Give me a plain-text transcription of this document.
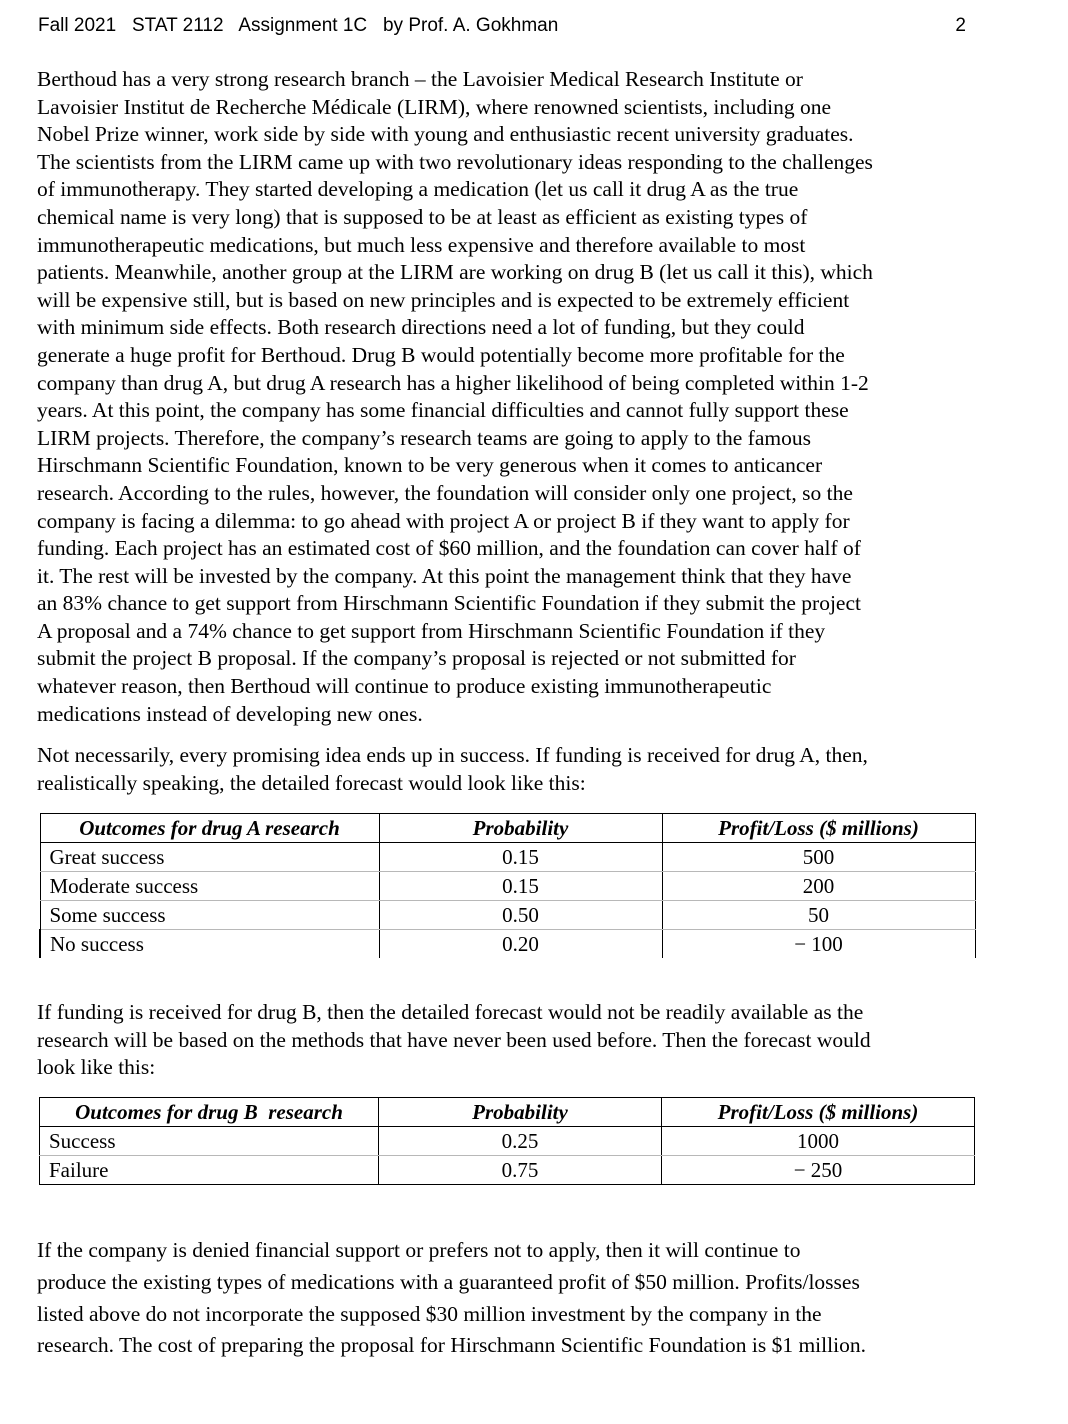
Fall 2021   STAT 2112   Assignment 1C   by Prof. A. Gokhman	2

Berthoud has a very strong research branch – the Lavoisier Medical Research Institute or
Lavoisier Institut de Recherche Médicale (LIRM), where renowned scientists, including one
Nobel Prize winner, work side by side with young and enthusiastic recent university graduates.
The scientists from the LIRM came up with two revolutionary ideas responding to the challenges
of immunotherapy. They started developing a medication (let us call it drug A as the true
chemical name is very long) that is supposed to be at least as efficient as existing types of
immunotherapeutic medications, but much less expensive and therefore available to most
patients. Meanwhile, another group at the LIRM are working on drug B (let us call it this), which
will be expensive still, but is based on new principles and is expected to be extremely efficient
with minimum side effects. Both research directions need a lot of funding, but they could
generate a huge profit for Berthoud. Drug B would potentially become more profitable for the
company than drug A, but drug A research has a higher likelihood of being completed within 1-2
years. At this point, the company has some financial difficulties and cannot fully support these
LIRM projects. Therefore, the company’s research teams are going to apply to the famous
Hirschmann Scientific Foundation, known to be very generous when it comes to anticancer
research. According to the rules, however, the foundation will consider only one project, so the
company is facing a dilemma: to go ahead with project A or project B if they want to apply for
funding. Each project has an estimated cost of $60 million, and the foundation can cover half of
it. The rest will be invested by the company. At this point the management think that they have
an 83% chance to get support from Hirschmann Scientific Foundation if they submit the project
A proposal and a 74% chance to get support from Hirschmann Scientific Foundation if they
submit the project B proposal. If the company’s proposal is rejected or not submitted for
whatever reason, then Berthoud will continue to produce existing immunotherapeutic
medications instead of developing new ones.

Not necessarily, every promising idea ends up in success. If funding is received for drug A, then,
realistically speaking, the detailed forecast would look like this:

Outcomes for drug A research	Probability	Profit/Loss ($ millions)
Great success	0.15	500
Moderate success	0.15	200
Some success	0.50	50
No success	0.20	− 100

If funding is received for drug B, then the detailed forecast would not be readily available as the
research will be based on the methods that have never been used before. Then the forecast would
look like this:

Outcomes for drug B  research	Probability	Profit/Loss ($ millions)
Success	0.25	1000
Failure	0.75	− 250

If the company is denied financial support or prefers not to apply, then it will continue to
produce the existing types of medications with a guaranteed profit of $50 million. Profits/losses
listed above do not incorporate the supposed $30 million investment by the company in the
research. The cost of preparing the proposal for Hirschmann Scientific Foundation is $1 million.
